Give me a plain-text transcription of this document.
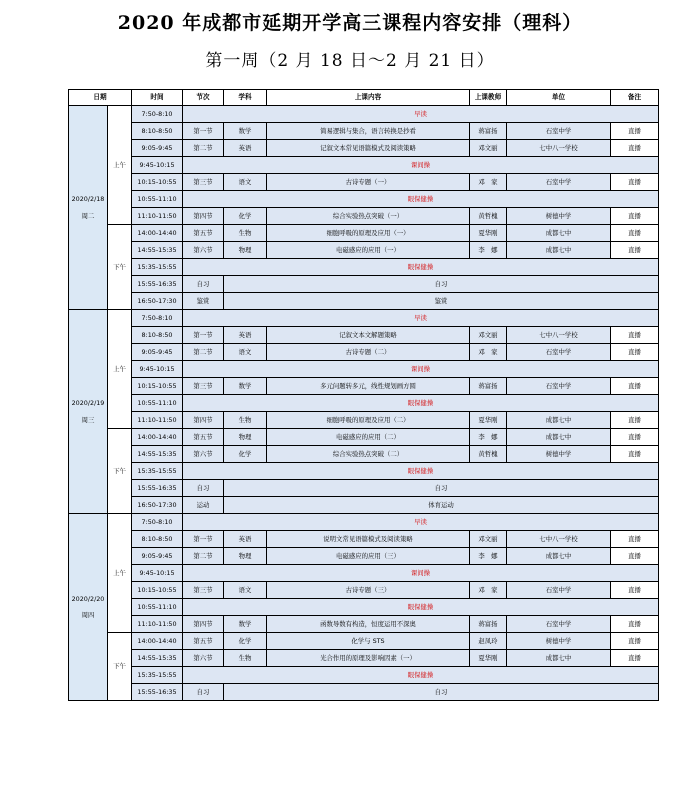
2020 年成都市延期开学高三课程内容安排（理科）
第一周（2 月 18 日～2 月 21 日）
日期		时间	节次	学科	上课内容	上课教师	单位	备注	

2020/2/18
周二	上午	7:50-8:10	早读	
		8:10-8:50	第一节	数学	简易逻辑与集合，语言转换是抄看	蒋富扬	石室中学	直播	
		9:05-9:45	第二节	英语	记叙文本常见语篇模式及阅读策略	邓文丽	七中八一学校	直播	
		9:45-10:15	课间操	
		10:15-10:55	第三节	语文	古诗专题（一）	邓　家	石室中学	直播	
		10:55-11:10	眼保健操	
		11:10-11:50	第四节	化学	综合实验热点突破（一）	黄哲槐	树德中学	直播	
	下午	14:00-14:40	第五节	生物	细胞呼吸的原理及应用（一）	夏华刚	成都七中	直播	
		14:55-15:35	第六节	物理	电磁感应的应用（一）	李　娜	成都七中	直播	
		15:35-15:55	眼保健操	
		15:55-16:35	自习	自习	
		16:50-17:30	鉴赏	鉴赏	

2020/2/19
周三	上午	7:50-8:10	早读	
		8:10-8:50	第一节	英语	记叙文本文解题策略	邓文丽	七中八一学校	直播	
		9:05-9:45	第二节	语文	古诗专题（二）	邓　家	石室中学	直播	
		9:45-10:15	课间操	
		10:15-10:55	第三节	数学	多元问题转多元，线性规划画方圆	蒋富扬	石室中学	直播	
		10:55-11:10	眼保健操	
		11:10-11:50	第四节	生物	细胞呼吸的原理及应用（二）	夏华刚	成都七中	直播	
	下午	14:00-14:40	第五节	物理	电磁感应的应用（二）	李　娜	成都七中	直播	
		14:55-15:35	第六节	化学	综合实验热点突破（二）	黄哲槐	树德中学	直播	
		15:35-15:55	眼保健操	
		15:55-16:35	自习	自习	
		16:50-17:30	运动	体育运动	

2020/2/20
周四	上午	7:50-8:10	早读	
		8:10-8:50	第一节	英语	说明文常见语篇模式及阅读策略	邓文丽	七中八一学校	直播	
		9:05-9:45	第二节	物理	电磁感应的应用（三）	李　娜	成都七中	直播	
		9:45-10:15	课间操	
		10:15-10:55	第三节	语文	古诗专题（三）	邓　家	石室中学	直播	
		10:55-11:10	眼保健操	
		11:10-11:50	第四节	数学	函数导数有构造，恒度运用不深奥	蒋富扬	石室中学	直播	
	下午	14:00-14:40	第五节	化学	化学与 STS	赵凤玲	树德中学	直播	
		14:55-15:35	第六节	生物	光合作用的原理及影响因素（一）	夏华刚	成都七中	直播	
		15:35-15:55	眼保健操	
		15:55-16:35	自习	自习	
